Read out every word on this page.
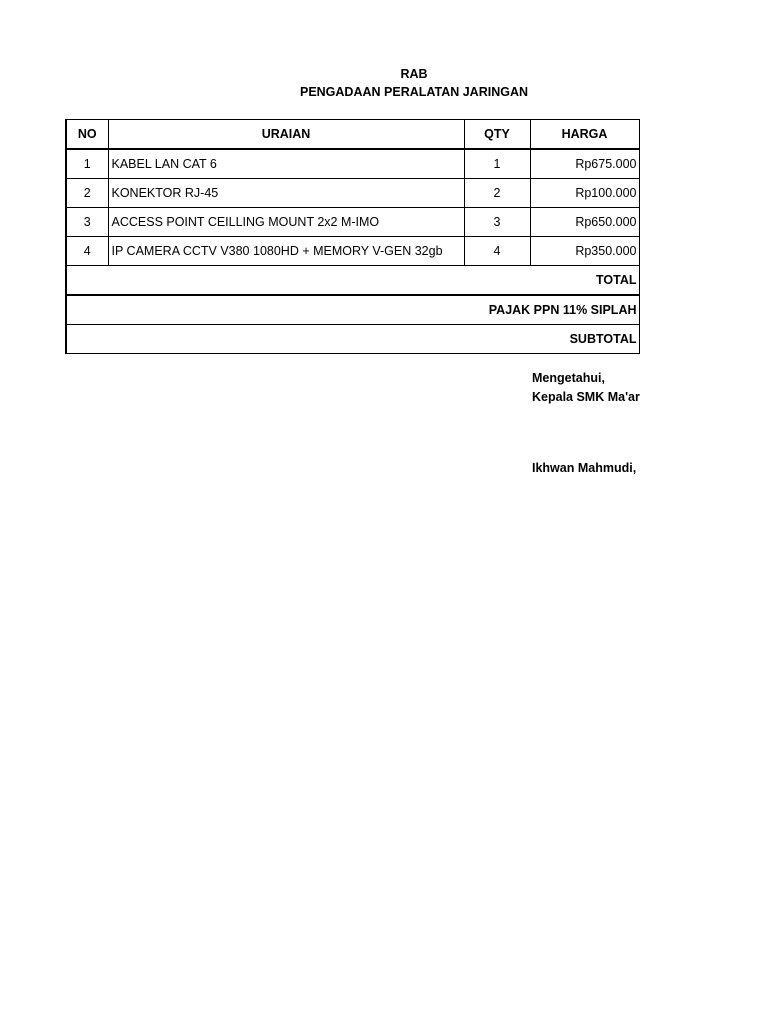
RAB
PENGADAAN PERALATAN JARINGAN
NO	URAIAN	QTY	HARGA
1	KABEL LAN CAT 6	1	Rp675.000
2	KONEKTOR RJ-45	2	Rp100.000
3	ACCESS POINT CEILLING MOUNT 2x2 M-IMO	3	Rp650.000
4	IP CAMERA CCTV V380 1080HD + MEMORY V-GEN 32gb	4	Rp350.000
TOTAL			
PAJAK PPN 11% SIPLAH			
SUBTOTAL			
Mengetahui,
Kepala SMK Ma'ar
Ikhwan Mahmudi,
